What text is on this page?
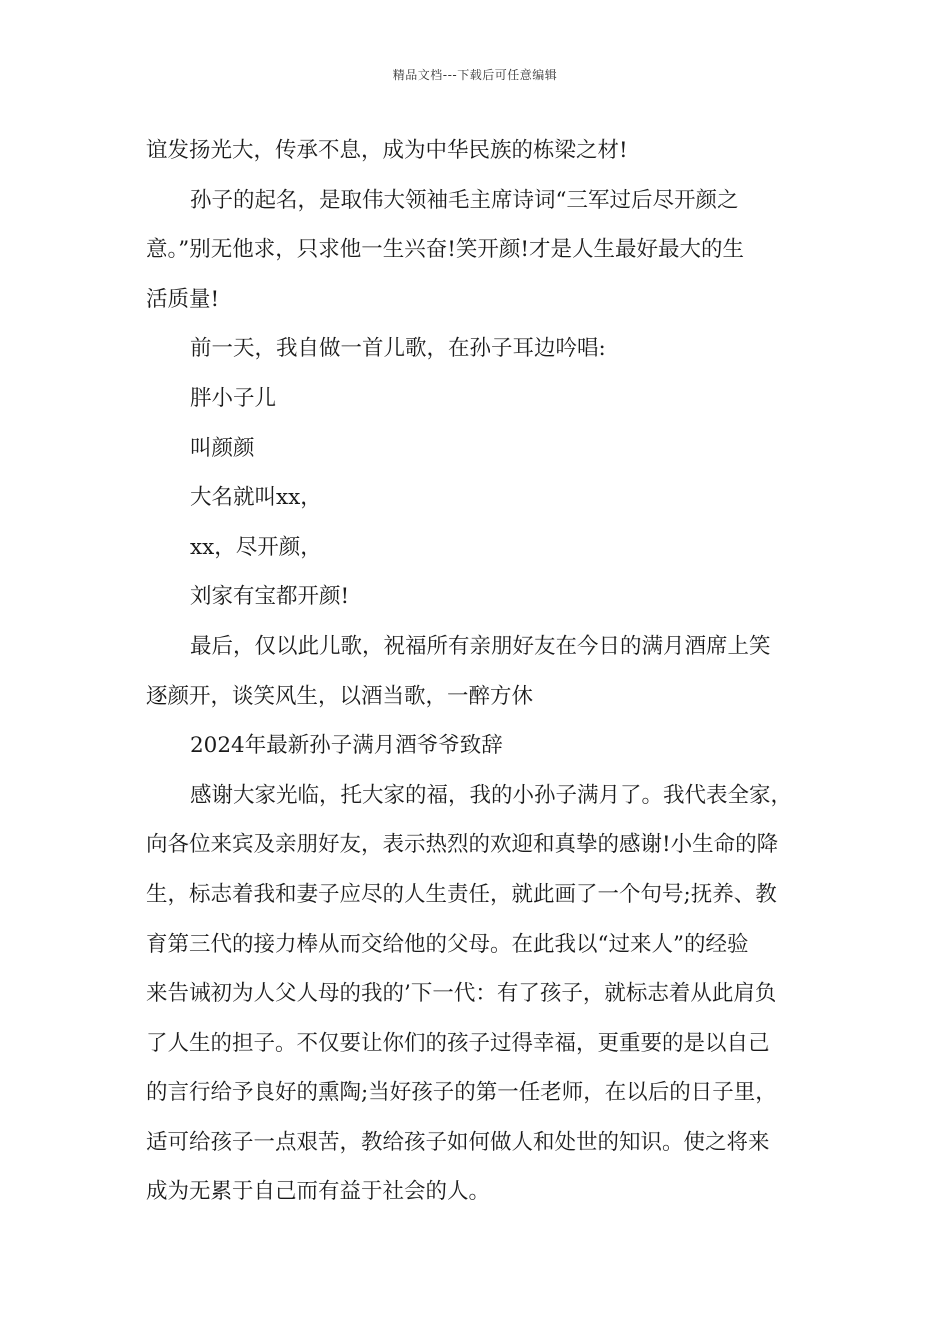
精品文档---下载后可任意编辑
谊发扬光大，传承不息，成为中华民族的栋梁之材!
孙子的起名，是取伟大领袖毛主席诗词“三军过后尽开颜之
意。”别无他求，只求他一生兴奋!笑开颜!才是人生最好最大的生
活质量!
前一天，我自做一首儿歌，在孙子耳边吟唱:
胖小子儿
叫颜颜
大名就叫xx，
xx，尽开颜，
刘家有宝都开颜!
最后，仅以此儿歌，祝福所有亲朋好友在今日的满月酒席上笑
逐颜开，谈笑风生，以酒当歌，一醉方休
2024年最新孙子满月酒爷爷致辞
感谢大家光临，托大家的福，我的小孙子满月了。我代表全家，
向各位来宾及亲朋好友，表示热烈的欢迎和真挚的感谢!小生命的降
生，标志着我和妻子应尽的人生责任，就此画了一个句号;抚养、教
育第三代的接力棒从而交给他的父母。在此我以“过来人”的经验
来告诫初为人父人母的我的’下一代：有了孩子，就标志着从此肩负
了人生的担子。不仅要让你们的孩子过得幸福，更重要的是以自己
的言行给予良好的熏陶;当好孩子的第一任老师，在以后的日子里，
适可给孩子一点艰苦，教给孩子如何做人和处世的知识。使之将来
成为无累于自己而有益于社会的人。
